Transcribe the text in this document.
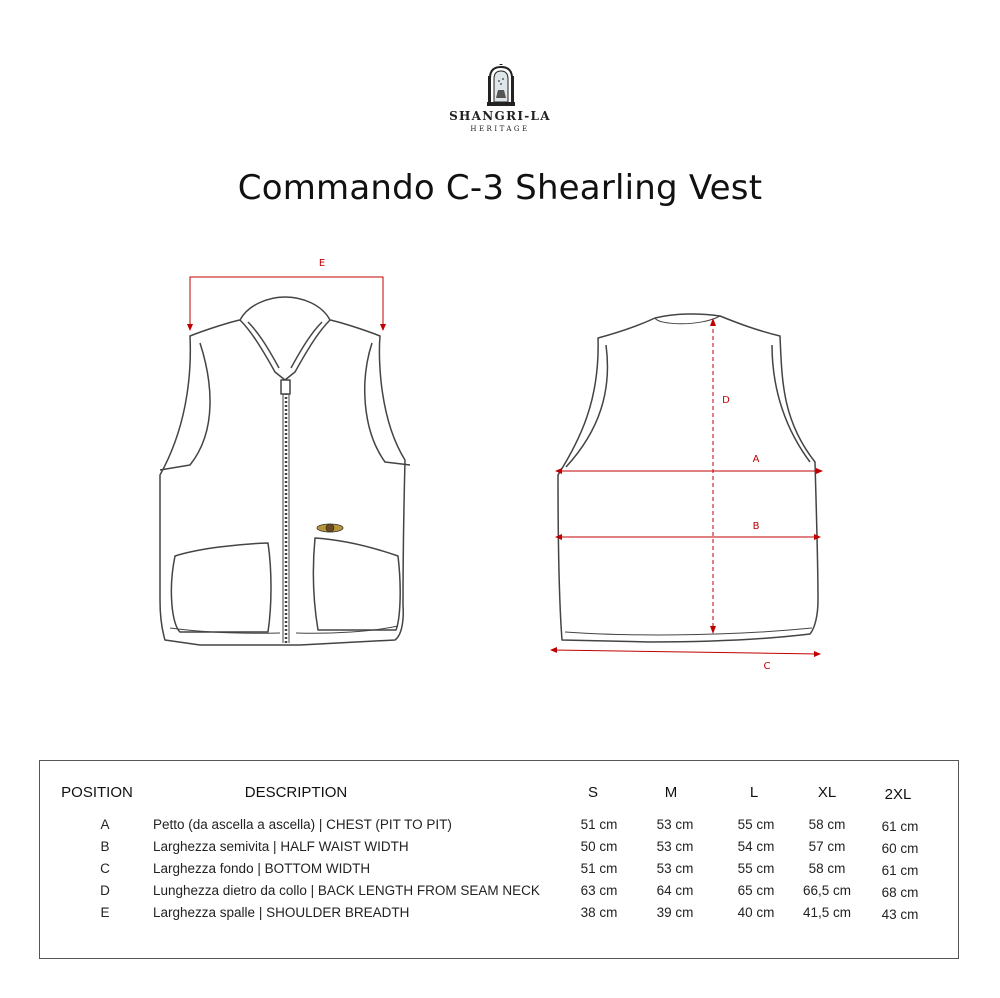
SHANGRI-LA
HERITAGE
Commando C-3 Shearling Vest
E
D
A
B
C
POSITION	DESCRIPTION	S	M	L	XL	2XL
A	Petto (da ascella a ascella) | CHEST (PIT TO PIT)	51 cm	53 cm	55 cm	58 cm	61 cm
B	Larghezza semivita | HALF WAIST WIDTH	50 cm	53 cm	54 cm	57 cm	60 cm
C	Larghezza fondo | BOTTOM WIDTH	51 cm	53 cm	55 cm	58 cm	61 cm
D	Lunghezza dietro da collo | BACK LENGTH FROM SEAM NECK	63 cm	64 cm	65 cm 66,5 cm 68 cm
E	Larghezza spalle | SHOULDER BREADTH	38 cm	39 cm	40 cm 41,5 cm 43 cm
